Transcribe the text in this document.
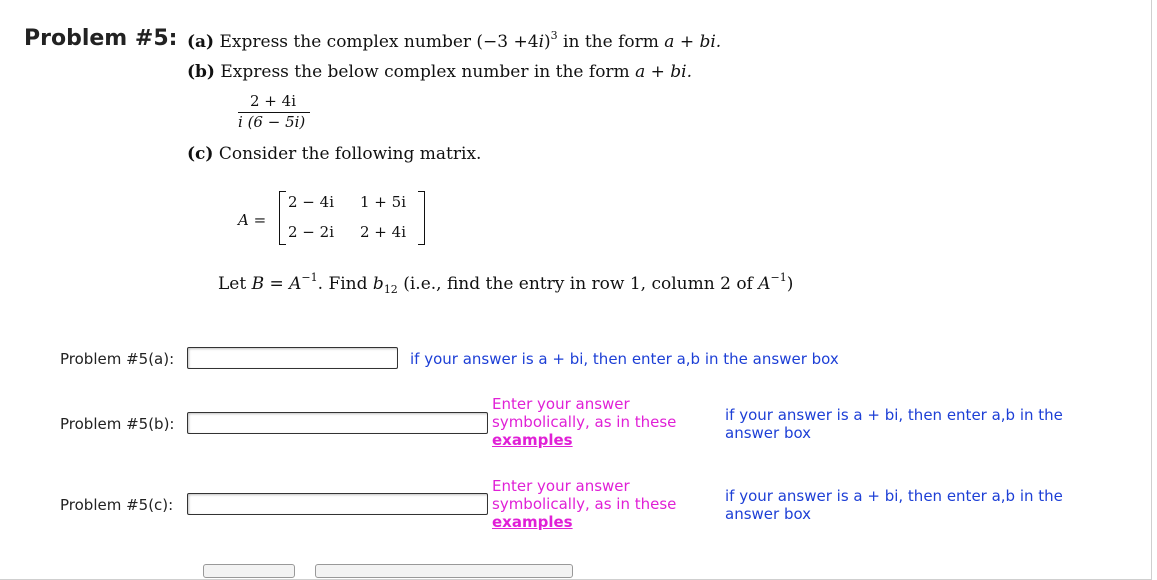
Problem #5: (a) Express the complex number $(-3 +4i)^3$ in the form a + bi.
(b) Express the below complex number in the form a + bi.
2 + 4i
i (6 − 5i)
(c) Consider the following matrix.
A =
2 − 4i 1 + 5i
2 − 2i 2 + 4i
Let $B = A^{-1}$. Find $b_{12}$ (i.e., find the entry in row 1, column 2 of $A^{-1}$)
Problem #5(a):	if your answer is a + bi, then enter a,b in the answer box
Problem #5(b):
Enter your answer symbolically, as in these examples
if your answer is a + bi, then enter a,b in the answer box
Problem #5(c):
Enter your answer symbolically, as in these examples
if your answer is a + bi, then enter a,b in the answer box
